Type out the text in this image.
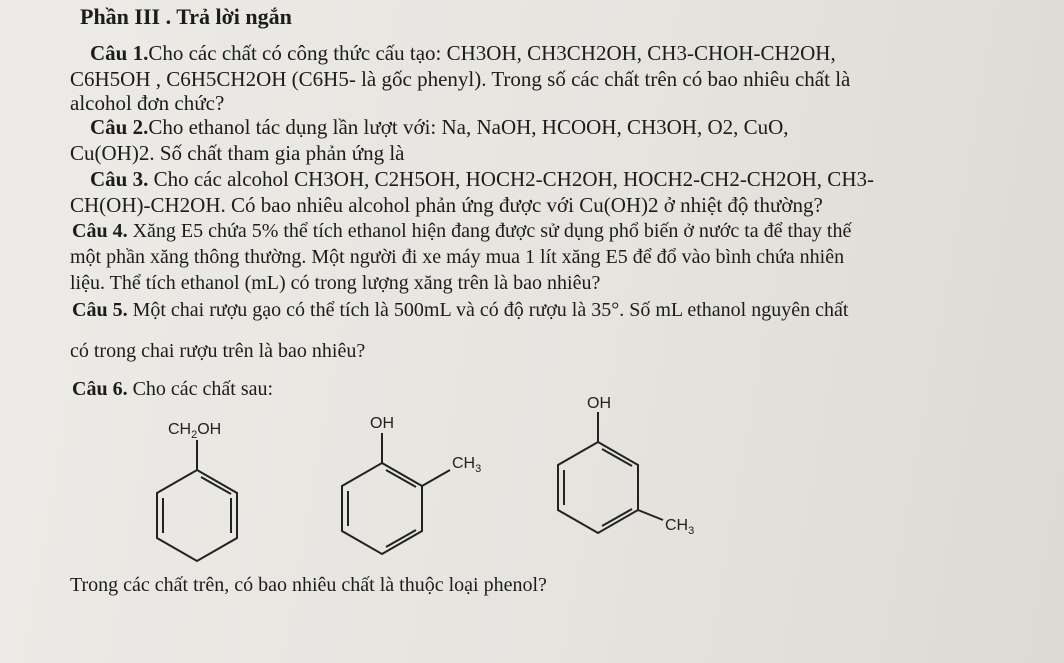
Phần III . Trả lời ngắn
Câu 1.Cho các chất có công thức cấu tạo: CH3OH, CH3CH2OH, CH3-CHOH-CH2OH,
C6H5OH , C6H5CH2OH (C6H5- là gốc phenyl). Trong số các chất trên có bao nhiêu chất là
alcohol đơn chức?
Câu 2.Cho ethanol tác dụng lần lượt với: Na, NaOH, HCOOH, CH3OH, O2, CuO,
Cu(OH)2. Số chất tham gia phản ứng là
Câu 3. Cho các alcohol CH3OH, C2H5OH, HOCH2-CH2OH, HOCH2-CH2-CH2OH, CH3-
CH(OH)-CH2OH. Có bao nhiêu alcohol phản ứng được với Cu(OH)2 ở nhiệt độ thường?
Câu 4. Xăng E5 chứa 5% thể tích ethanol hiện đang được sử dụng phổ biến ở nước ta để thay thế
một phần xăng thông thường. Một người đi xe máy mua 1 lít xăng E5 để đổ vào bình chứa nhiên
liệu. Thể tích ethanol (mL) có trong lượng xăng trên là bao nhiêu?
Câu 5. Một chai rượu gạo có thể tích là 500mL và có độ rượu là 35°. Số mL ethanol nguyên chất
có trong chai rượu trên là bao nhiêu?
Câu 6. Cho các chất sau:
$CH_2OH$	OH
$CH_3$
OH
$CH_3$
Trong các chất trên, có bao nhiêu chất là thuộc loại phenol?
